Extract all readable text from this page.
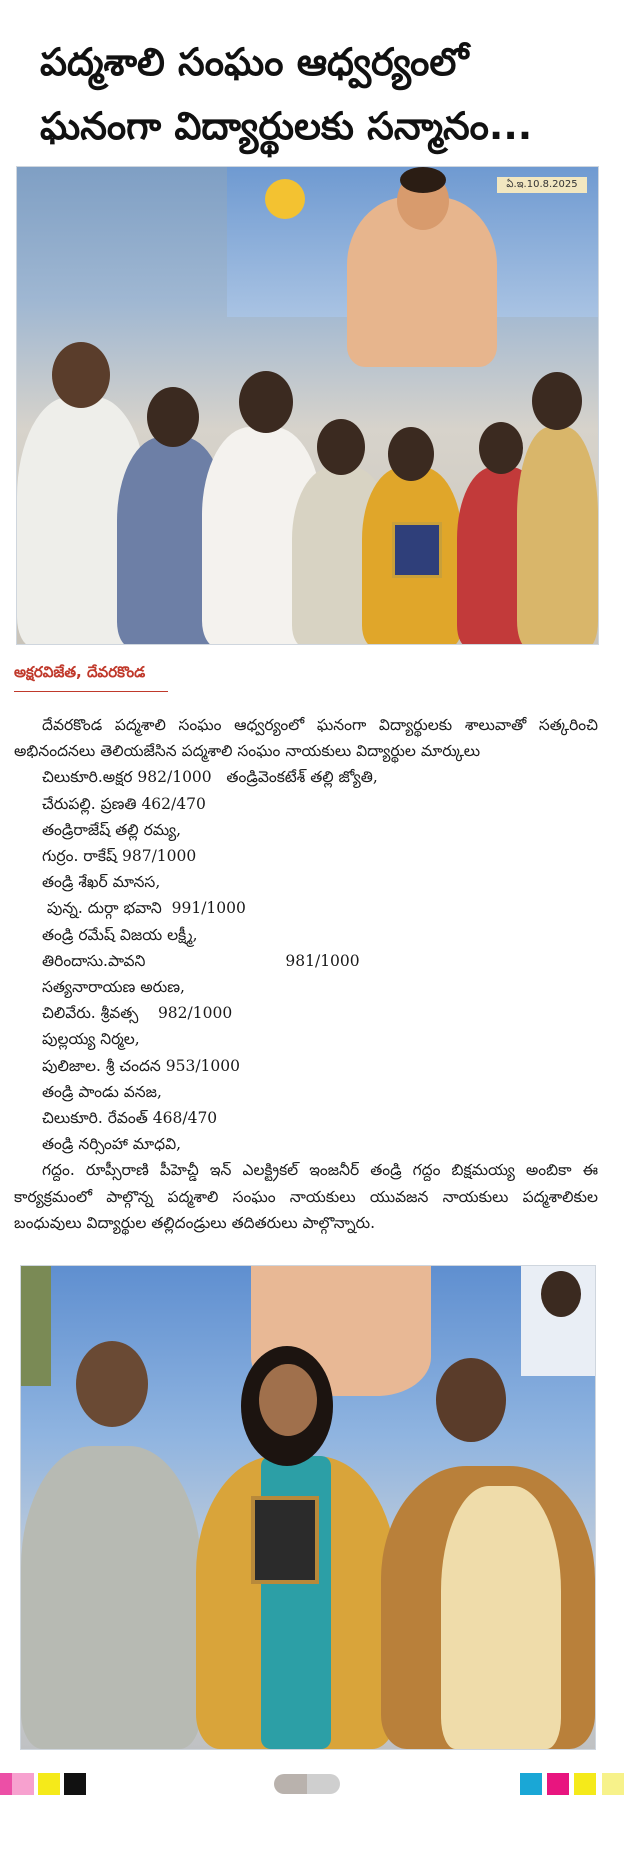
పద్మశాలి సంఘం ఆధ్వర్యంలో
ఘనంగా విద్యార్థులకు సన్మానం...
ఏ.ఇ.10.8.2025
అక్షరవిజేత, దేవరకొండ

దేవరకొండ పద్మశాలి సంఘం ఆధ్వర్యంలో ఘనంగా విద్యార్థులకు శాలువాతో సత్కరించి అభినందనలు తెలియజేసిన పద్మశాలి సంఘం నాయకులు విద్యార్థుల మార్కులు

చిలుకూరి.అక్షర 982/1000   తండ్రివెంకటేశ్ తల్లి జ్యోతి,

చేరుపల్లి. ప్రణతి 462/470

తండ్రిరాజేష్ తల్లి రమ్య,

గుర్రం. రాకేష్ 987/1000

తండ్రి శేఖర్ మానస,

పున్న. దుర్గా భవాని  991/1000

తండ్రి రమేష్ విజయ లక్ష్మీ,

తిరిందాసు.పావని	981/1000

సత్యనారాయణ అరుణ,

చిలివేరు. శ్రీవత్స    982/1000

పుల్లయ్య నిర్మల,

పులిజాల. శ్రీ చందన 953/1000

తండ్రి పాండు వనజ,

చిలుకూరి. రేవంత్ 468/470

తండ్రి నర్సింహా మాధవి,

గద్దం. రూప్సీరాణి పీహెచ్డీ ఇన్ ఎలక్ట్రికల్ ఇంజనీర్ తండ్రి గద్దం బిక్షమయ్య అంబికా ఈ కార్యక్రమంలో పాల్గొన్న పద్మశాలి సంఘం నాయకులు యువజన నాయకులు పద్మశాలికుల బంధువులు విద్యార్థుల తల్లిదండ్రులు తదితరులు పాల్గొన్నారు.
